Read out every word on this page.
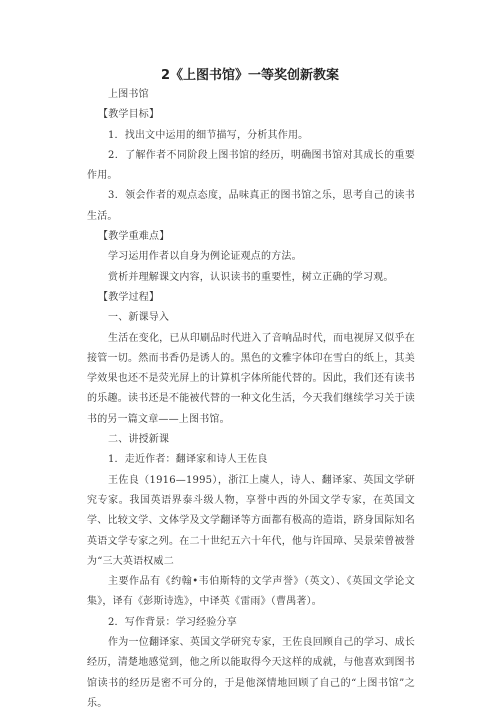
2《上图书馆》一等奖创新教案

上图书馆

【教学目标】

1．找出文中运用的细节描写，分析其作用。

2．了解作者不同阶段上图书馆的经历，明确图书馆对其成长的重要作用。

3．领会作者的观点态度，品味真正的图书馆之乐，思考自己的读书生活。

【教学重难点】

学习运用作者以自身为例论证观点的方法。

赏析并理解课文内容，认识读书的重要性，树立正确的学习观。

【教学过程】

一、新课导入

生活在变化，已从印刷品时代进入了音响品时代，而电视屏又似乎在接管一切。然而书香仍是诱人的。黑色的文雅字体印在雪白的纸上，其美学效果也还不是荧光屏上的计算机字体所能代替的。因此，我们还有读书的乐趣。读书还是不能被代替的一种文化生活，今天我们继续学习关于读书的另一篇文章——上图书馆。

二、讲授新课

1．走近作者：翻译家和诗人王佐良

王佐良（1916—1995），浙江上虞人，诗人、翻译家、英国文学研究专家。我国英语界泰斗级人物，享誉中西的外国文学专家，在英国文学、比较文学、文体学及文学翻译等方面都有极高的造诣，跻身国际知名英语文学专家之列。在二十世纪五六十年代，他与许国璋、吴景荣曾被誉为“三大英语权威二

主要作品有《约翰•韦伯斯特的文学声誉》（英文）、《英国文学论文集》，译有《彭斯诗选》，中译英《雷雨》（曹禺著）。

2．写作背景：学习经验分享

作为一位翻译家、英国文学研究专家，王佐良回顾自己的学习、成长经历，清楚地感觉到，他之所以能取得今天这样的成就，与他喜欢到图书馆读书的经历是密不可分的，于是他深情地回顾了自己的“上图书馆”之乐。
